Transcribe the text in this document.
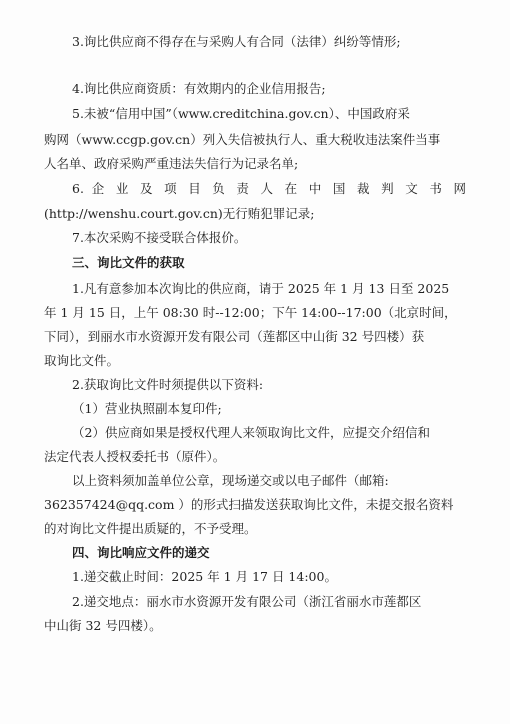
3.询比供应商不得存在与采购人有合同（法律）纠纷等情形;
4.询比供应商资质：有效期内的企业信用报告;
5.未被“信用中国”（www.creditchina.gov.cn）、中国政府采
购网（www.ccgp.gov.cn）列入失信被执行人、重大税收违法案件当事
人名单、政府采购严重违法失信行为记录名单;
6. 企 业 及 项 目 负 责 人 在 中 国 裁 判 文 书 网
(http://wenshu.court.gov.cn)无行贿犯罪记录;
7.本次采购不接受联合体报价。
三、询比文件的获取
1.凡有意参加本次询比的供应商，请于 2025 年 1 月 13 日至 2025
年 1 月 15 日，上午 08:30 时--12:00；下午 14:00--17:00（北京时间，
下同），到丽水市水资源开发有限公司（莲都区中山街 32 号四楼）获
取询比文件。
2.获取询比文件时须提供以下资料:
（1）营业执照副本复印件;
（2）供应商如果是授权代理人来领取询比文件，应提交介绍信和
法定代表人授权委托书（原件）。
以上资料须加盖单位公章，现场递交或以电子邮件（邮箱:
362357424@qq.com ）的形式扫描发送获取询比文件，未提交报名资料
的对询比文件提出质疑的，不予受理。
四、询比响应文件的递交
1.递交截止时间：2025 年 1 月 17 日 14:00。
2.递交地点：丽水市水资源开发有限公司（浙江省丽水市莲都区
中山街 32 号四楼）。
